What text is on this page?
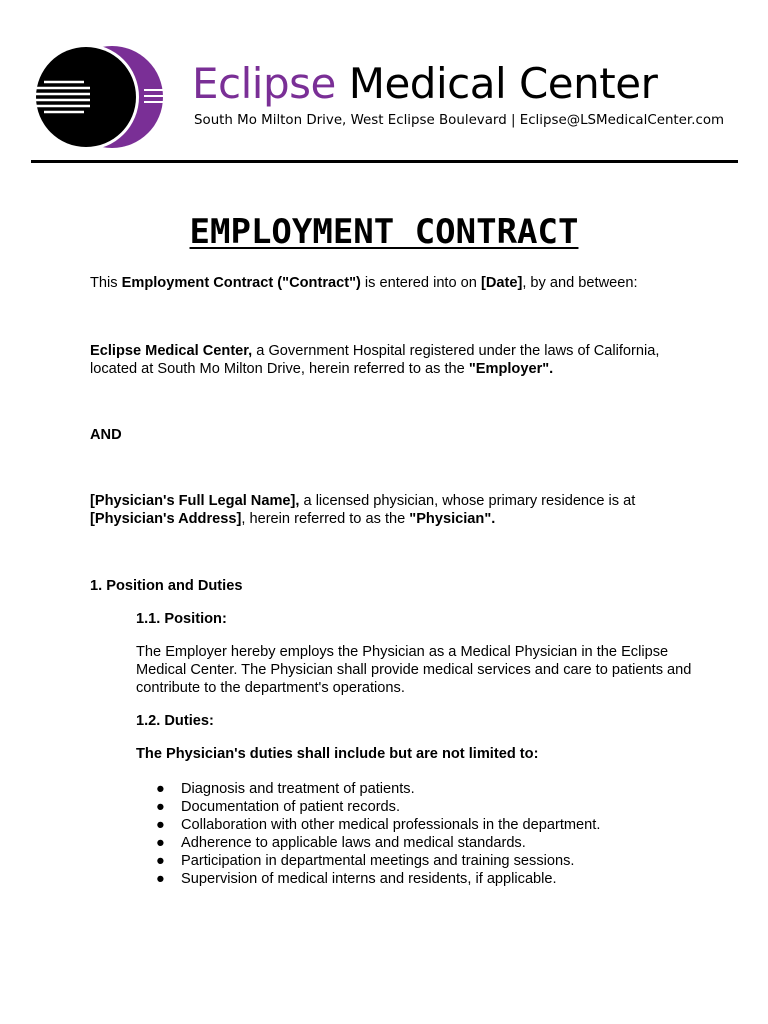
Eclipse Medical Center
South Mo Milton Drive, West Eclipse Boulevard | Eclipse@LSMedicalCenter.com
EMPLOYMENT CONTRACT

This Employment Contract ("Contract") is entered into on [Date], by and between:

Eclipse Medical Center, a Government Hospital registered under the laws of California, located at South Mo Milton Drive, herein referred to as the "Employer".

AND

[Physician's Full Legal Name], a licensed physician, whose primary residence is at [Physician's Address], herein referred to as the "Physician".

1. Position and Duties

1.1. Position:

The Employer hereby employs the Physician as a Medical Physician in the Eclipse Medical Center. The Physician shall provide medical services and care to patients and contribute to the department's operations.

1.2. Duties:

The Physician's duties shall include but are not limited to:

● Diagnosis and treatment of patients.
● Documentation of patient records.
● Collaboration with other medical professionals in the department.
● Adherence to applicable laws and medical standards.
● Participation in departmental meetings and training sessions.
● Supervision of medical interns and residents, if applicable.
